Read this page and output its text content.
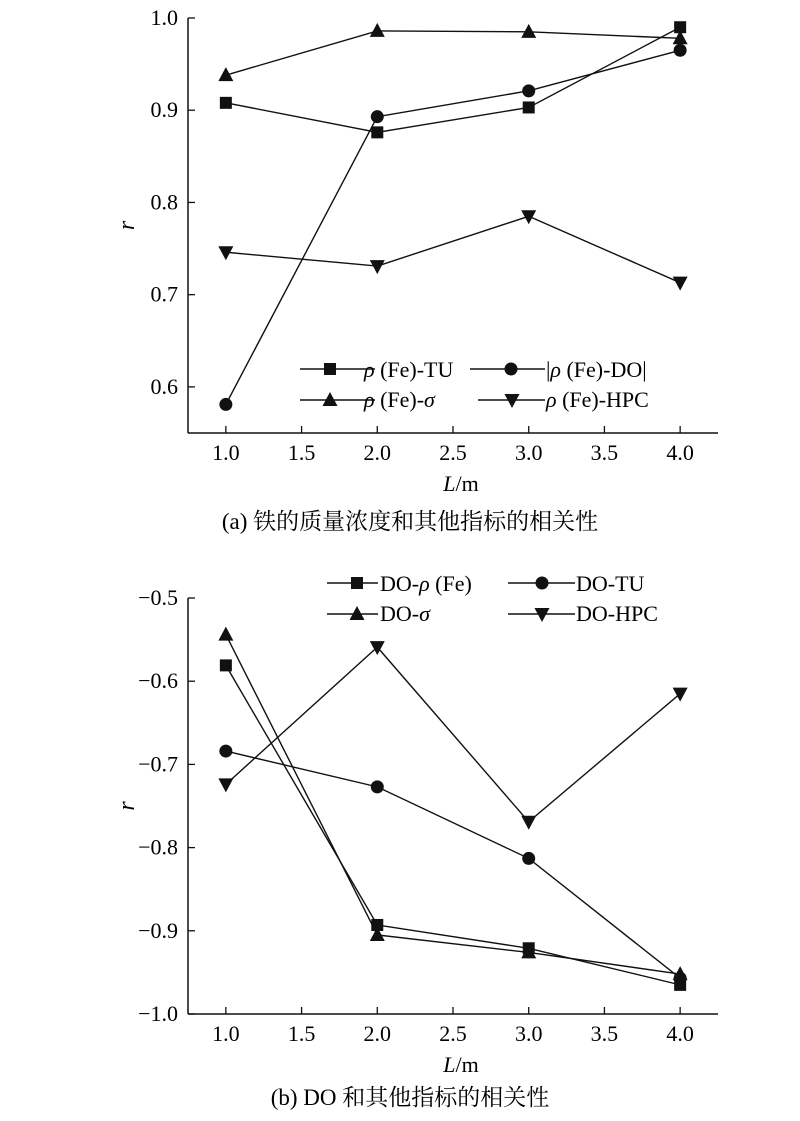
1.0 1.5 2.0 2.5 3.0 3.5 4.0
0.6
0.7
0.8
0.9
1.0
L/m
r
ρ (Fe)-TU	|ρ (Fe)-DO|
ρ (Fe)-σ	ρ (Fe)-HPC
(a) 铁的质量浓度和其他指标的相关性
1.0 1.5 2.0 2.5 3.0 3.5 4.0
−0.5
−0.6
−0.7
−0.8
−0.9
−1.0
L/m
r
DO-ρ (Fe)	DO-TU
DO-σ	DO-HPC
(b) DO 和其他指标的相关性
